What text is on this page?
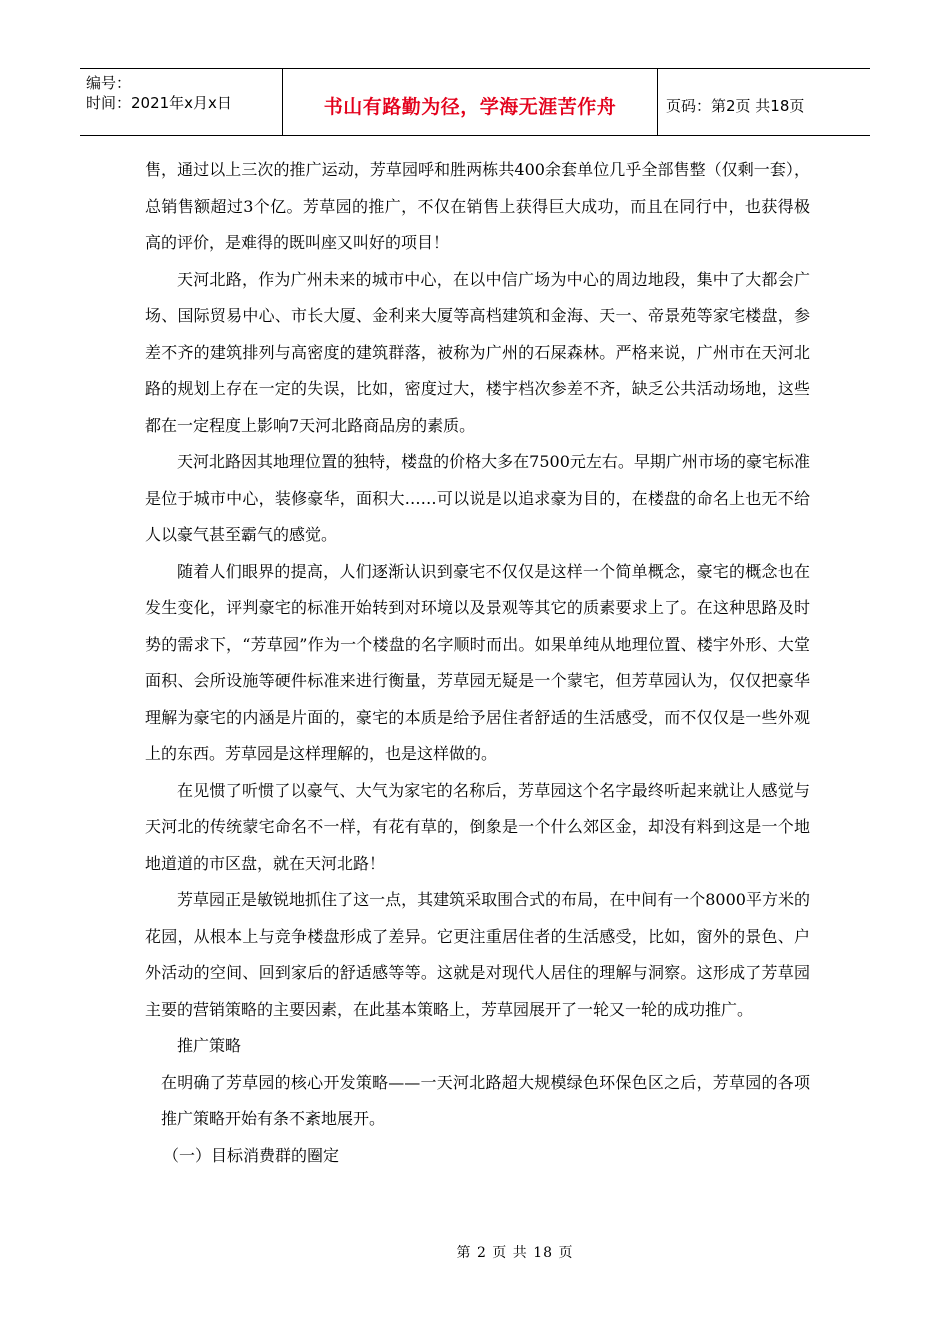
编号：
时间：2021年x月x日	书山有路勤为径，学海无涯苦作舟	页码：第2页 共18页

售，通过以上三次的推广运动，芳草园呼和胜两栋共400余套单位几乎全部售整（仅剩一套），总销售额超过3个亿。芳草园的推广，不仅在销售上获得巨大成功，而且在同行中，也获得极高的评价，是难得的既叫座又叫好的项目！

天河北路，作为广州未来的城市中心，在以中信广场为中心的周边地段，集中了大都会广场、国际贸易中心、市长大厦、金利来大厦等高档建筑和金海、天一、帝景苑等家宅楼盘，参差不齐的建筑排列与高密度的建筑群落，被称为广州的石屎森林。严格来说，广州市在天河北路的规划上存在一定的失误，比如，密度过大，楼宇档次参差不齐，缺乏公共活动场地，这些都在一定程度上影响7天河北路商品房的素质。

天河北路因其地理位置的独特，楼盘的价格大多在7500元左右。早期广州市场的豪宅标准是位于城市中心，装修豪华，面积大……可以说是以追求豪为目的，在楼盘的命名上也无不给人以豪气甚至霸气的感觉。

随着人们眼界的提高，人们逐渐认识到豪宅不仅仅是这样一个简单概念，豪宅的概念也在发生变化，评判豪宅的标准开始转到对环境以及景观等其它的质素要求上了。在这种思路及时势的需求下，“芳草园”作为一个楼盘的名字顺时而出。如果单纯从地理位置、楼宇外形、大堂面积、会所设施等硬件标准来进行衡量，芳草园无疑是一个蒙宅，但芳草园认为，仅仅把豪华理解为豪宅的内涵是片面的，豪宅的本质是给予居住者舒适的生活感受，而不仅仅是一些外观上的东西。芳草园是这样理解的，也是这样做的。

在见惯了听惯了以豪气、大气为家宅的名称后，芳草园这个名字最终听起来就让人感觉与天河北的传统蒙宅命名不一样，有花有草的，倒象是一个什么郊区金，却没有料到这是一个地地道道的市区盘，就在天河北路！

芳草园正是敏锐地抓住了这一点，其建筑采取围合式的布局，在中间有一个8000平方米的花园，从根本上与竞争楼盘形成了差异。它更注重居住者的生活感受，比如，窗外的景色、户外活动的空间、回到家后的舒适感等等。这就是对现代人居住的理解与洞察。这形成了芳草园主要的营销策略的主要因素，在此基本策略上，芳草园展开了一轮又一轮的成功推广。

推广策略

在明确了芳草园的核心开发策略——一天河北路超大规模绿色环保色区之后，芳草园的各项推广策略开始有条不紊地展开。

（一）目标消费群的圈定

第 2 页 共 18 页
